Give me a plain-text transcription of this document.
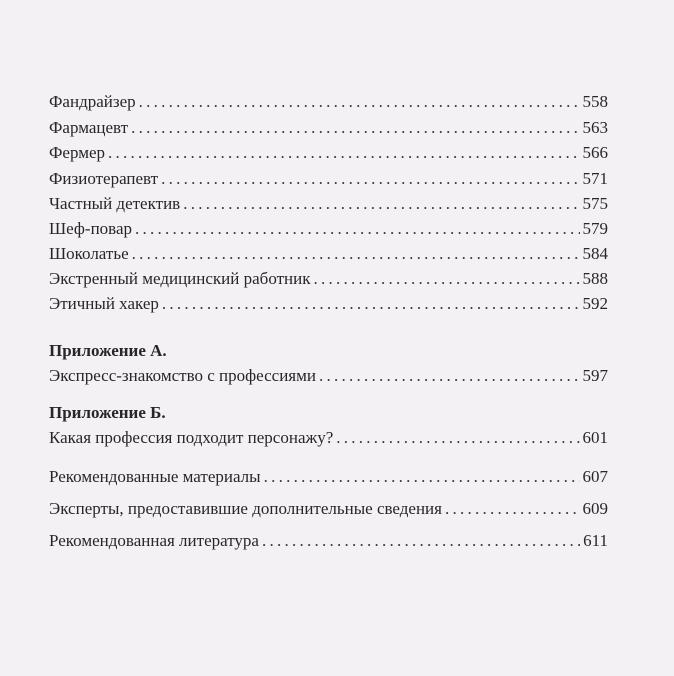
Фандрайзер . . .	558
Фармацевт . . .	563
Фермер . . .	566
Физиотерапевт . . .	571
Частный детектив . . .	575
Шеф-повар . . .	579
Шоколатье . . .	584
Экстренный медицинский работник . . .	588
Этичный хакер . . .	592
Приложение А.
Экспресс-знакомство с профессиями . . .	597
Приложение Б.
Какая профессия подходит персонажу? . . .	601
Рекомендованные материалы . . .	607
Эксперты, предоставившие дополнительные сведения . . .	609
Рекомендованная литература . . .	611
